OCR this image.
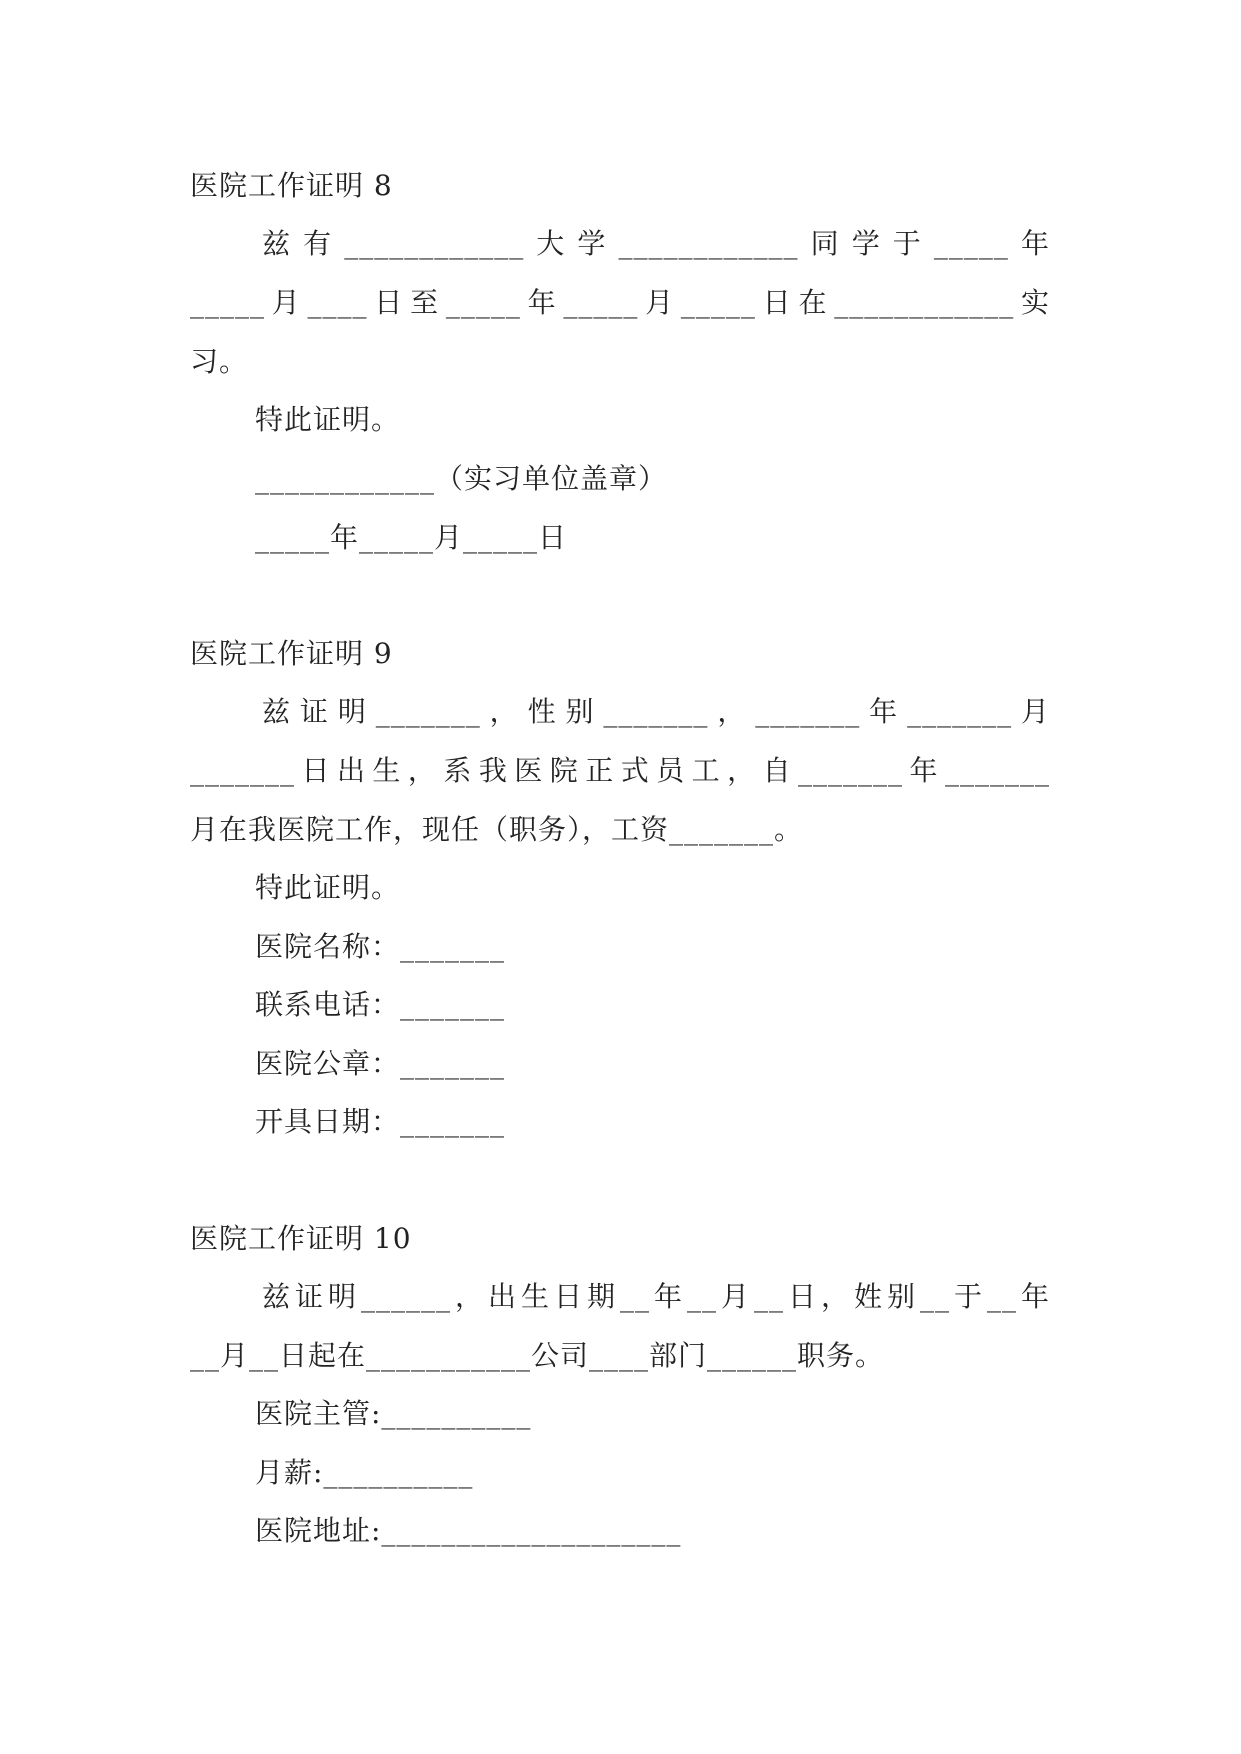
医院工作证明 8
兹有____________大学____________同学于_____年
_____月____日至_____年_____月_____日在____________实
习。
特此证明。
____________（实习单位盖章）
_____年_____月_____日
医院工作证明 9
兹证明_______，性别_______，_______年_______月
_______日出生，系我医院正式员工，自_______年_______
月在我医院工作，现任（职务），工资_______。
特此证明。
医院名称：_______
联系电话：_______
医院公章：_______
开具日期：_______
医院工作证明 10
兹证明______，出生日期__年__月__日，姓别__于__年
__月__日起在___________公司____部门______职务。
医院主管:__________
月薪:__________
医院地址:____________________
